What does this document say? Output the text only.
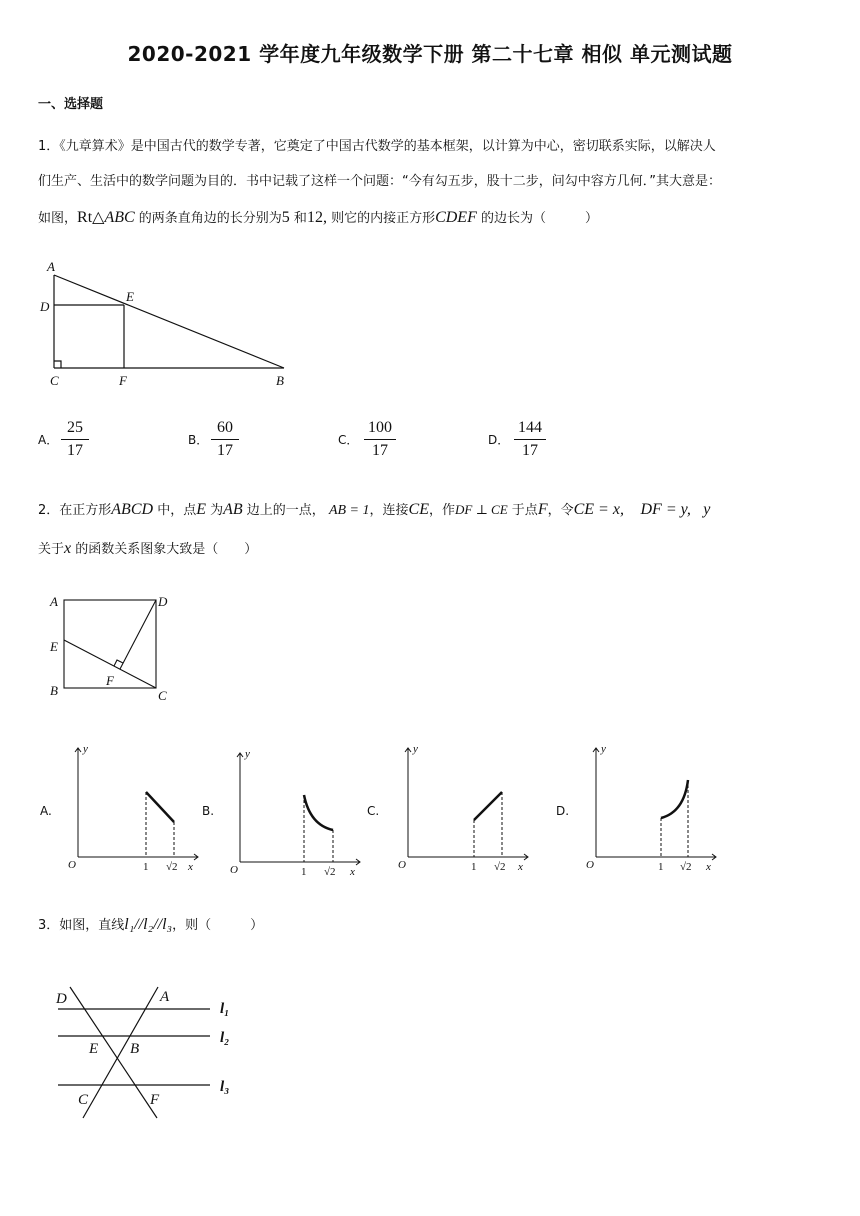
2020-2021 学年度九年级数学下册 第二十七章 相似 单元测试题
一、选择题
1．《九章算术》是中国古代的数学专著，它奠定了中国古代数学的基本框架，以计算为中心，密切联系实际，以解决人
们生产、生活中的数学问题为目的．书中记载了这样一个问题：“今有勾五步，股十二步，问勾中容方几何．”其大意是：
如图，Rt△ABC 的两条直角边的长分别为5 和12, 则它的内接正方形CDEF 的边长为（　　　）
A
D
E
C	F	B
A．
25
17
B．
60
17
C．
100
17
D．
144
17
2．在正方形ABCD 中，点E 为AB 边上的一点， AB = 1，连接CE，作DF ⊥ CE 于点F，令CE = x, DF = y, y
关于x 的函数关系图象大致是（　　）
A	D
E
B
F
C
A.
y
O	1 √2 x
B.
y
O	1 √2 x
C.
y
O	1 √2 x
D.
y
O	1 √2 x
3．如图，直线l₁//l₂//l₃，则（　　　）
D	A
E B
C	F
l₁
l₂
l₃
